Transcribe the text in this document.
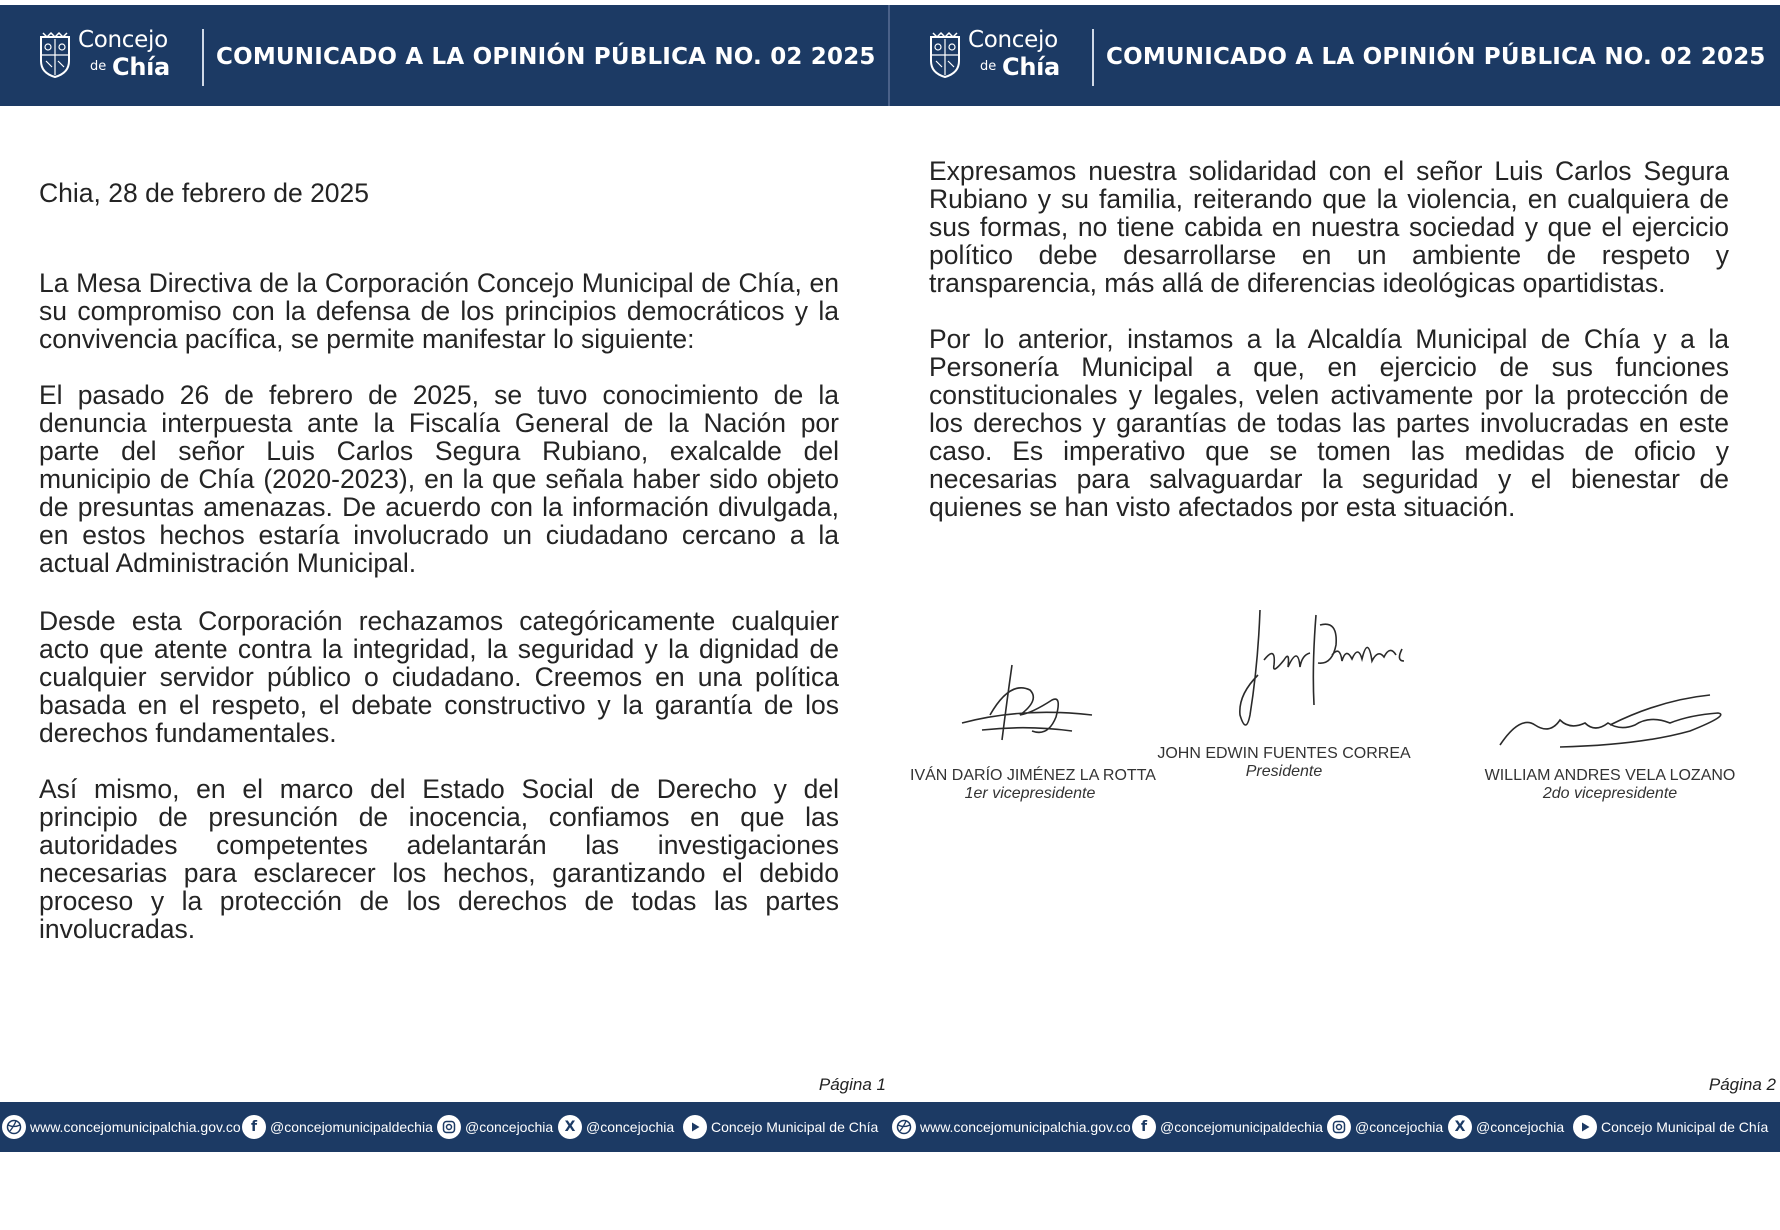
Concejo
de Chía COMUNICADO A LA OPINIÓN PÚBLICA NO. 02 2025

Chia, 28 de febrero de 2025

La Mesa Directiva de la Corporación Concejo Municipal de Chía, en su compromiso con la defensa de los principios democráticos y la convivencia pacífica, se permite manifestar lo siguiente:

El pasado 26 de febrero de 2025, se tuvo conocimiento de la denuncia interpuesta ante la Fiscalía General de la Nación por parte del señor Luis Carlos Segura Rubiano, exalcalde del municipio de Chía (2020-2023), en la que señala haber sido objeto de presuntas amenazas. De acuerdo con la información divulgada, en estos hechos estaría involucrado un ciudadano cercano a la actual Administración Municipal.

Desde esta Corporación rechazamos categóricamente cualquier acto que atente contra la integridad, la seguridad y la dignidad de cualquier servidor público o ciudadano. Creemos en una política basada en el respeto, el debate constructivo y la garantía de los derechos fundamentales.

Así mismo, en el marco del Estado Social de Derecho y del principio de presunción de inocencia, confiamos en que las autoridades competentes adelantarán las investigaciones necesarias para esclarecer los hechos, garantizando el debido proceso y la protección de los derechos de todas las partes involucradas.

Página 1
www.concejomunicipalchia.gov.co f @concejomunicipaldechia @concejochia X @concejochia	Concejo Municipal de Chía
Concejo
de Chía COMUNICADO A LA OPINIÓN PÚBLICA NO. 02 2025

Expresamos nuestra solidaridad con el señor Luis Carlos Segura Rubiano y su familia, reiterando que la violencia, en cualquiera de sus formas, no tiene cabida en nuestra sociedad y que el ejercicio político debe desarrollarse en un ambiente de respeto y transparencia, más allá de diferencias ideológicas opartidistas.

Por lo anterior, instamos a la Alcaldía Municipal de Chía y a la Personería Municipal a que, en ejercicio de sus funciones constitucionales y legales, velen activamente por la protección de los derechos y garantías de todas las partes involucradas en este caso. Es imperativo que se tomen las medidas de oficio y necesarias para salvaguardar la seguridad y el bienestar de quienes se han visto afectados por esta situación.

IVÁN DARÍO JIMÉNEZ LA ROTTA
1er vicepresidente
JOHN EDWIN FUENTES CORREA
Presidente	WILLIAM ANDRES VELA LOZANO
2do vicepresidente
Página 2
www.concejomunicipalchia.gov.co f @concejomunicipaldechia @concejochia X @concejochia	Concejo Municipal de Chía
